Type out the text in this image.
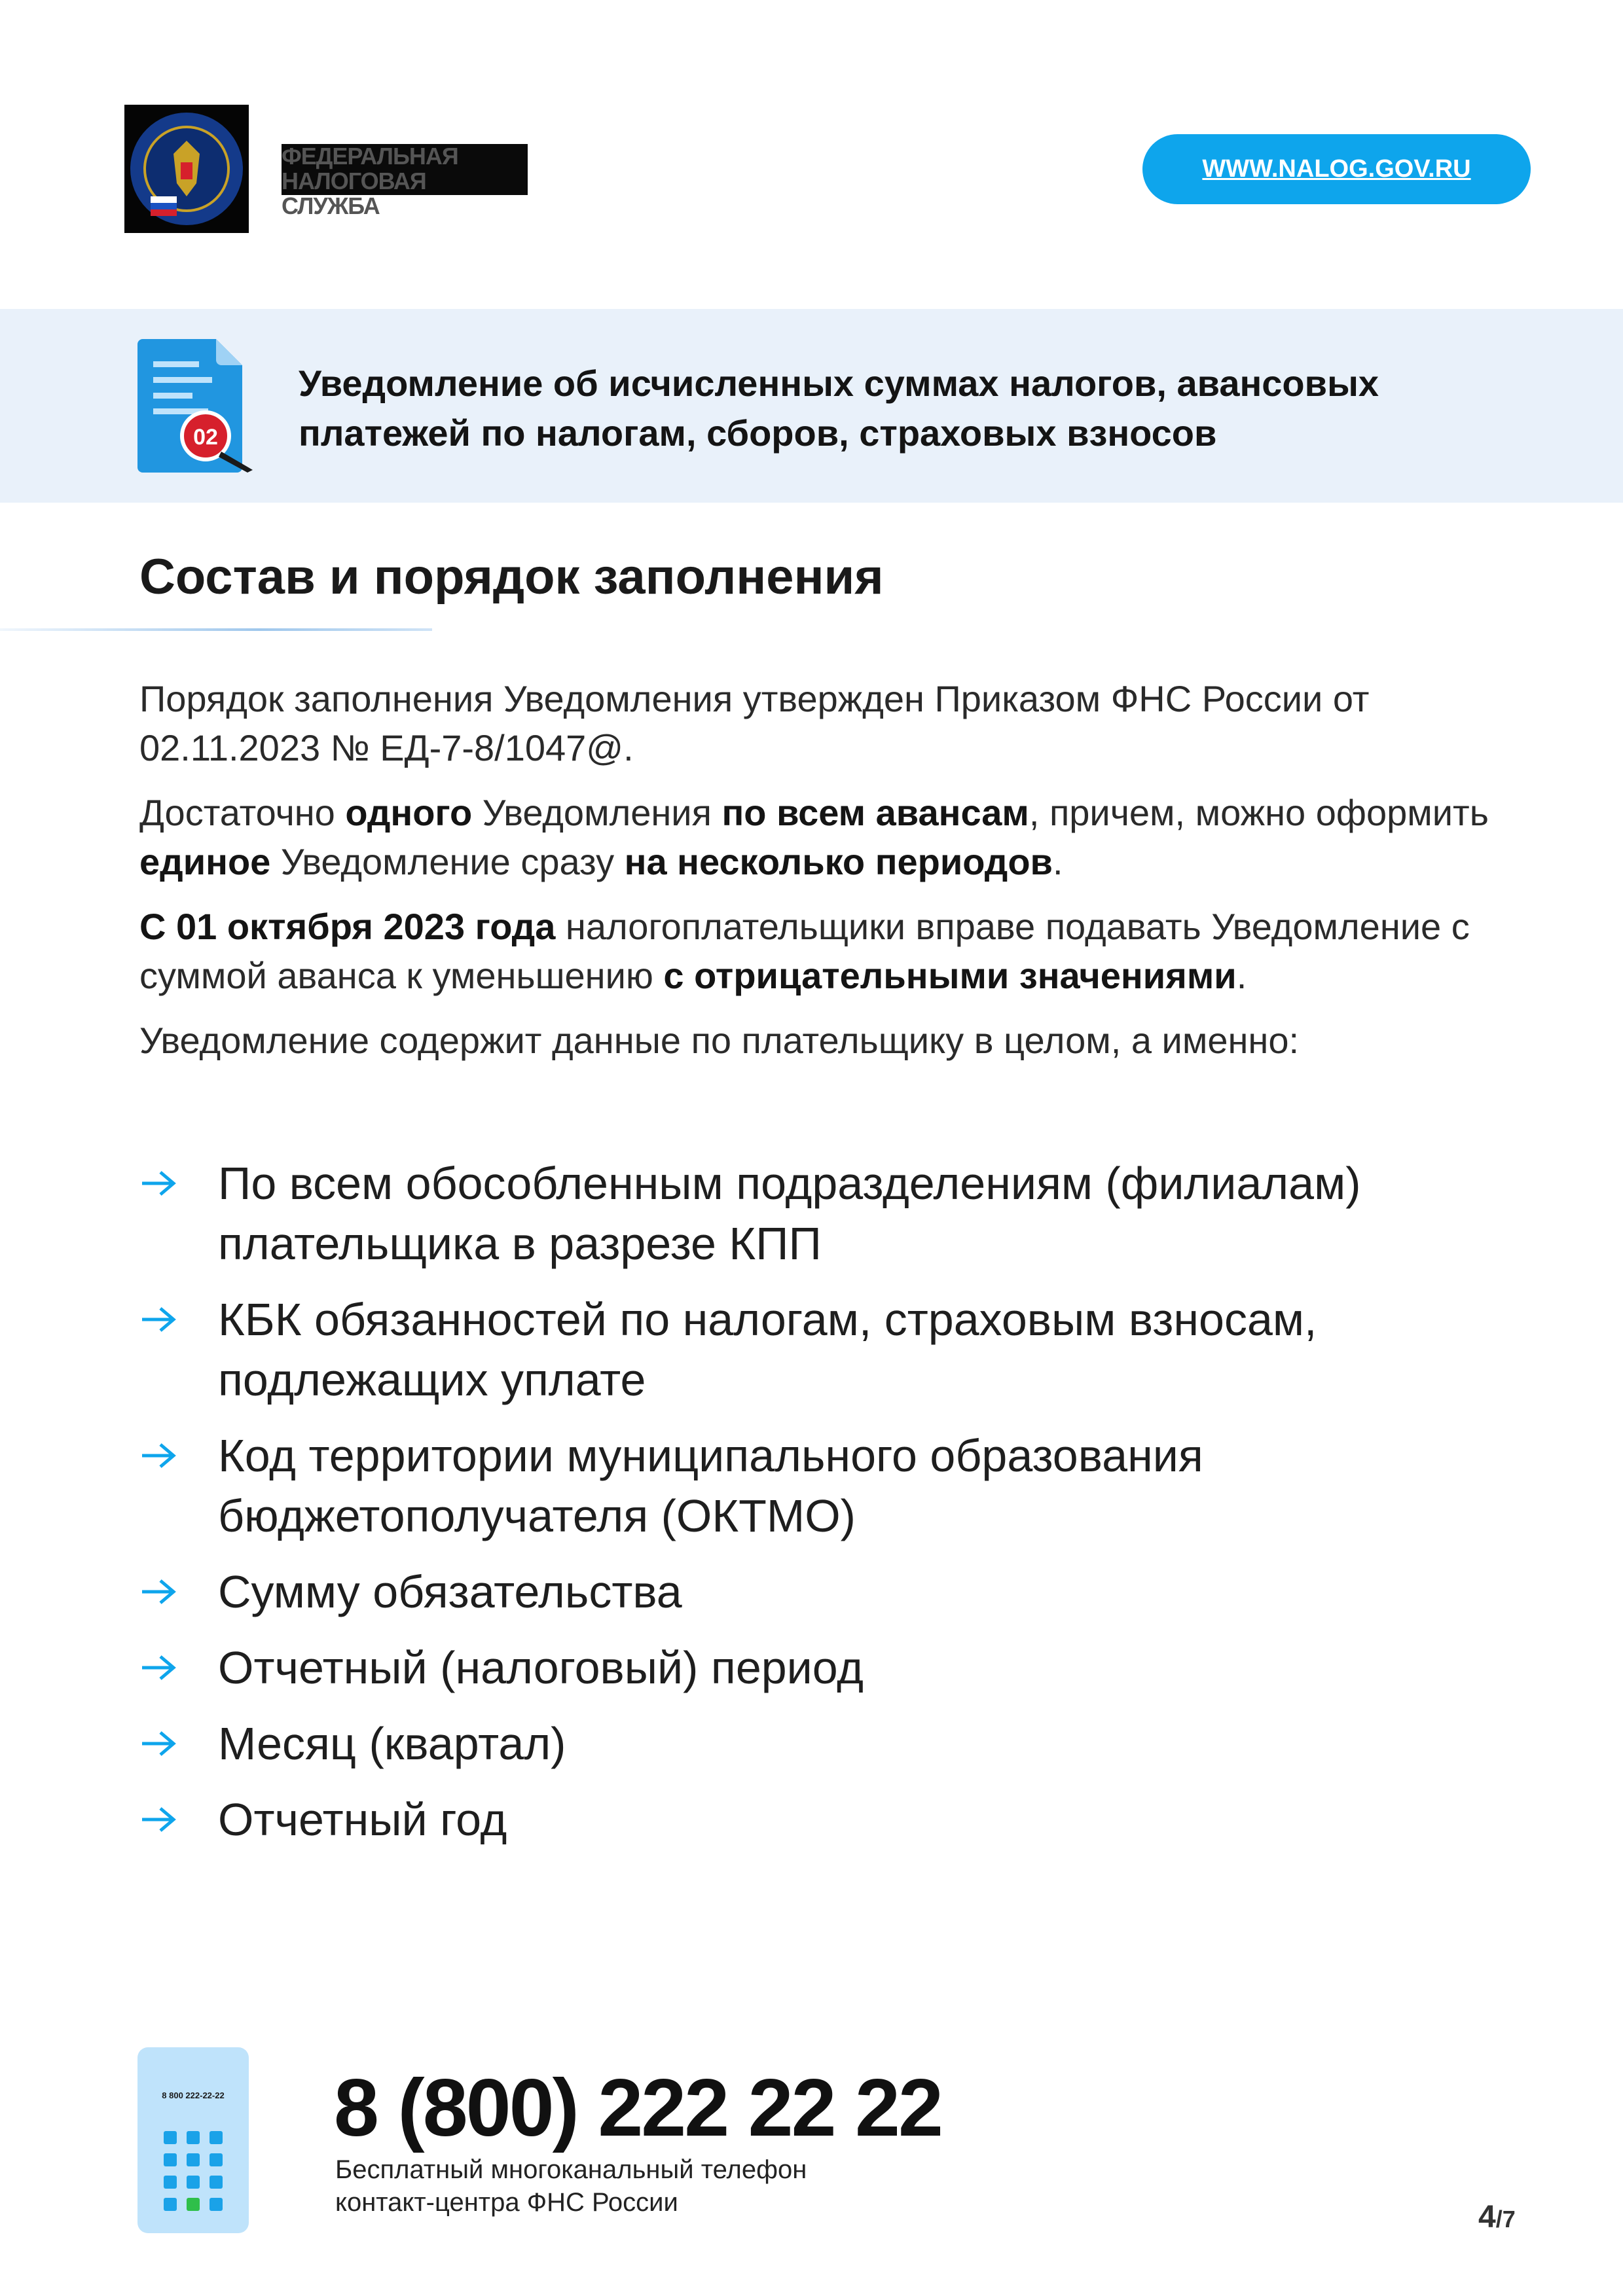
ФЕДЕРАЛЬНАЯ
НАЛОГОВАЯ СЛУЖБА
WWW.NALOG.GOV.RU
02
Уведомление об исчисленных суммах налогов, авансовых платежей по налогам, сборов, страховых взносов
Состав и порядок заполнения

Порядок заполнения Уведомления утвержден Приказом ФНС России от 02.11.2023 № ЕД-7-8/1047@.

Достаточно одного Уведомления по всем авансам, причем, можно оформить единое Уведомление сразу на несколько периодов.

С 01 октября 2023 года налогоплательщики вправе подавать Уведомление с суммой аванса к уменьшению с отрицательными значениями.

Уведомление содержит данные по плательщику в целом, а именно:

По всем обособленным подразделениям (филиалам) плательщика в разрезе КПП
КБК обязанностей по налогам, страховым взносам, подлежащих уплате
Код территории муниципального образования бюджетополучателя (ОКТМО)
Сумму обязательства
Отчетный (налоговый) период
Месяц (квартал)
Отчетный год
8 800 222-22-22 8 (800) 222 22 22
Бесплатный многоканальный телефон
контакт-центра ФНС России	4/7
